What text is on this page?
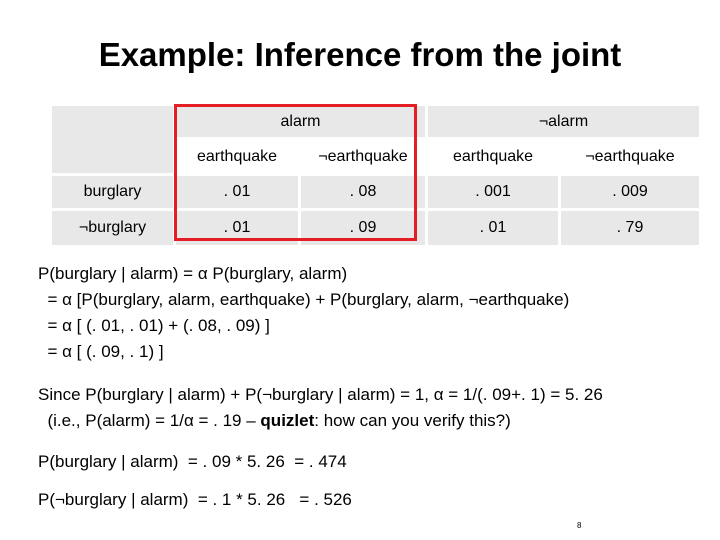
Example: Inference from the joint
alarm	¬alarm
earthquake	¬earthquake	earthquake	¬earthquake
burglary	. 01	. 08	. 001	. 009
¬burglary	. 01	. 09	. 01	. 79
P(burglary | alarm) = α P(burglary, alarm)
= α [P(burglary, alarm, earthquake) + P(burglary, alarm, ¬earthquake)
= α [ (. 01, . 01) + (. 08, . 09) ]
= α [ (. 09, . 1) ]
Since P(burglary | alarm) + P(¬burglary | alarm) = 1, α = 1/(. 09+. 1) = 5. 26
(i.e., P(alarm) = 1/α = . 19 – quizlet: how can you verify this?)
P(burglary | alarm)  = . 09 * 5. 26  = . 474
P(¬burglary | alarm)  = . 1 * 5. 26   = . 526
8
